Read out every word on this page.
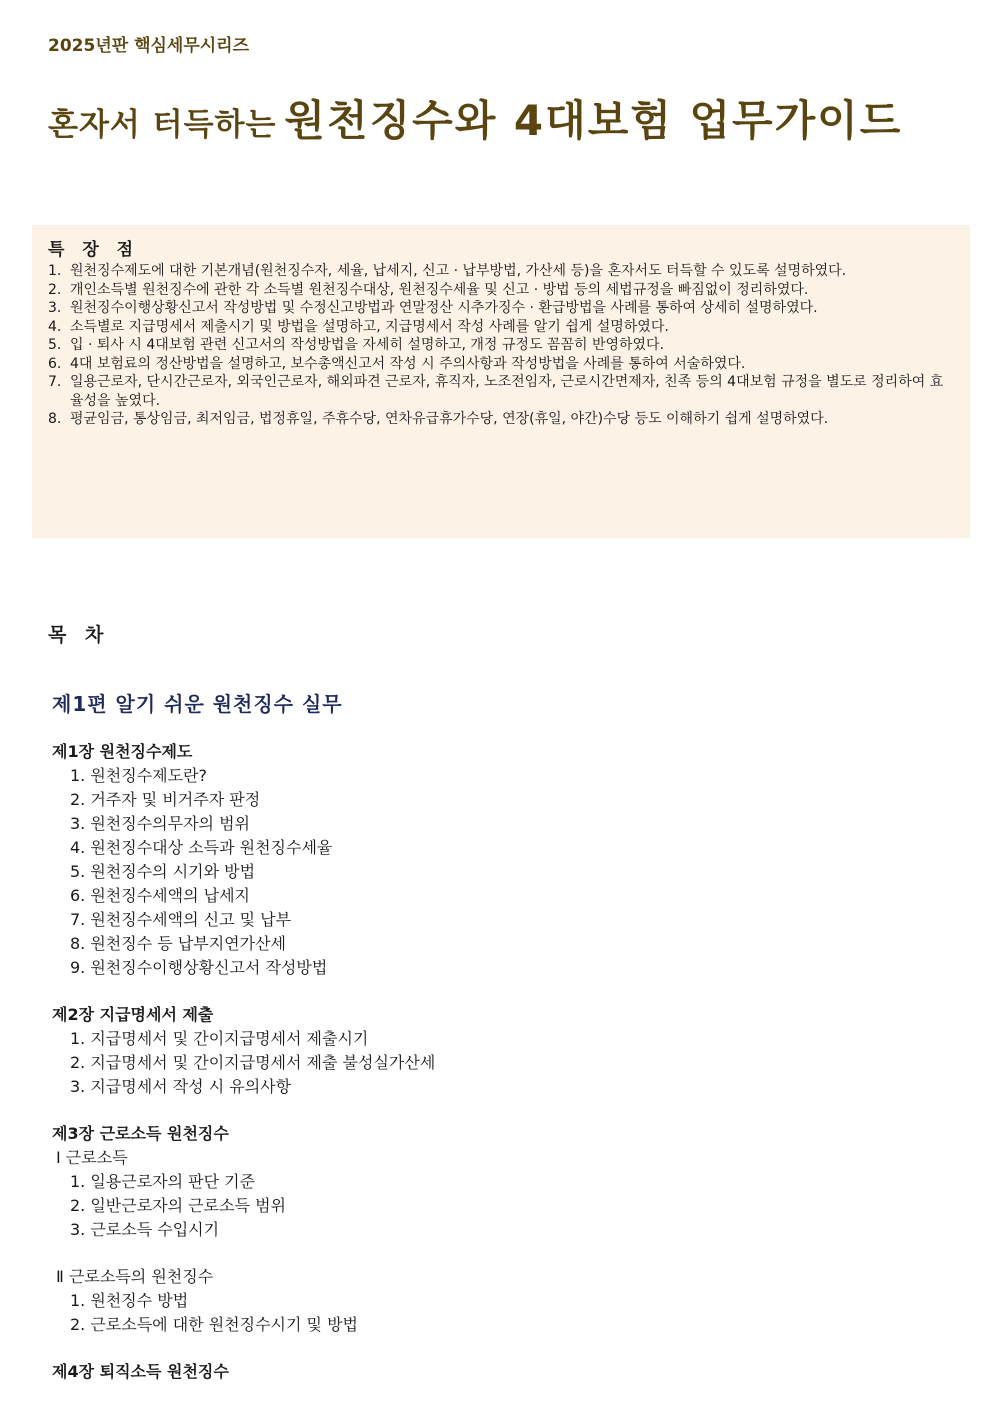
2025년판 핵심세무시리즈
혼자서 터득하는 원천징수와 4대보험 업무가이드
특 장 점
1. 원천징수제도에 대한 기본개념(원천징수자, 세율, 납세지, 신고 · 납부방법, 가산세 등)을 혼자서도 터득할 수 있도록 설명하였다.
2. 개인소득별 원천징수에 관한 각 소득별 원천징수대상, 원천징수세율 및 신고 · 방법 등의 세법규정을 빠짐없이 정리하였다.
3. 원천징수이행상황신고서 작성방법 및 수정신고방법과 연말정산 시추가징수 · 환급방법을 사례를 통하여 상세히 설명하였다.
4. 소득별로 지급명세서 제출시기 및 방법을 설명하고, 지급명세서 작성 사례를 알기 쉽게 설명하였다.
5. 입 · 퇴사 시 4대보험 관련 신고서의 작성방법을 자세히 설명하고, 개정 규정도 꼼꼼히 반영하였다.
6. 4대 보험료의 정산방법을 설명하고, 보수총액신고서 작성 시 주의사항과 작성방법을 사례를 통하여 서술하였다.
7. 일용근로자, 단시간근로자, 외국인근로자, 해외파견 근로자, 휴직자, 노조전임자, 근로시간면제자, 친족 등의 4대보험 규정을 별도로 정리하여 효율성을 높였다.
8. 평균임금, 통상임금, 최저임금, 법정휴일, 주휴수당, 연차유급휴가수당, 연장(휴일, 야간)수당 등도 이해하기 쉽게 설명하였다.
목 차
제1편 알기 쉬운 원천징수 실무
제1장 원천징수제도
1. 원천징수제도란?
2. 거주자 및 비거주자 판정
3. 원천징수의무자의 범위
4. 원천징수대상 소득과 원천징수세율
5. 원천징수의 시기와 방법
6. 원천징수세액의 납세지
7. 원천징수세액의 신고 및 납부
8. 원천징수 등 납부지연가산세
9. 원천징수이행상황신고서 작성방법
제2장 지급명세서 제출
1. 지급명세서 및 간이지급명세서 제출시기
2. 지급명세서 및 간이지급명세서 제출 불성실가산세
3. 지급명세서 작성 시 유의사항
제3장 근로소득 원천징수
Ⅰ 근로소득
1. 일용근로자의 판단 기준
2. 일반근로자의 근로소득 범위
3. 근로소득 수입시기
Ⅱ 근로소득의 원천징수
1. 원천징수 방법
2. 근로소득에 대한 원천징수시기 및 방법
제4장 퇴직소득 원천징수
